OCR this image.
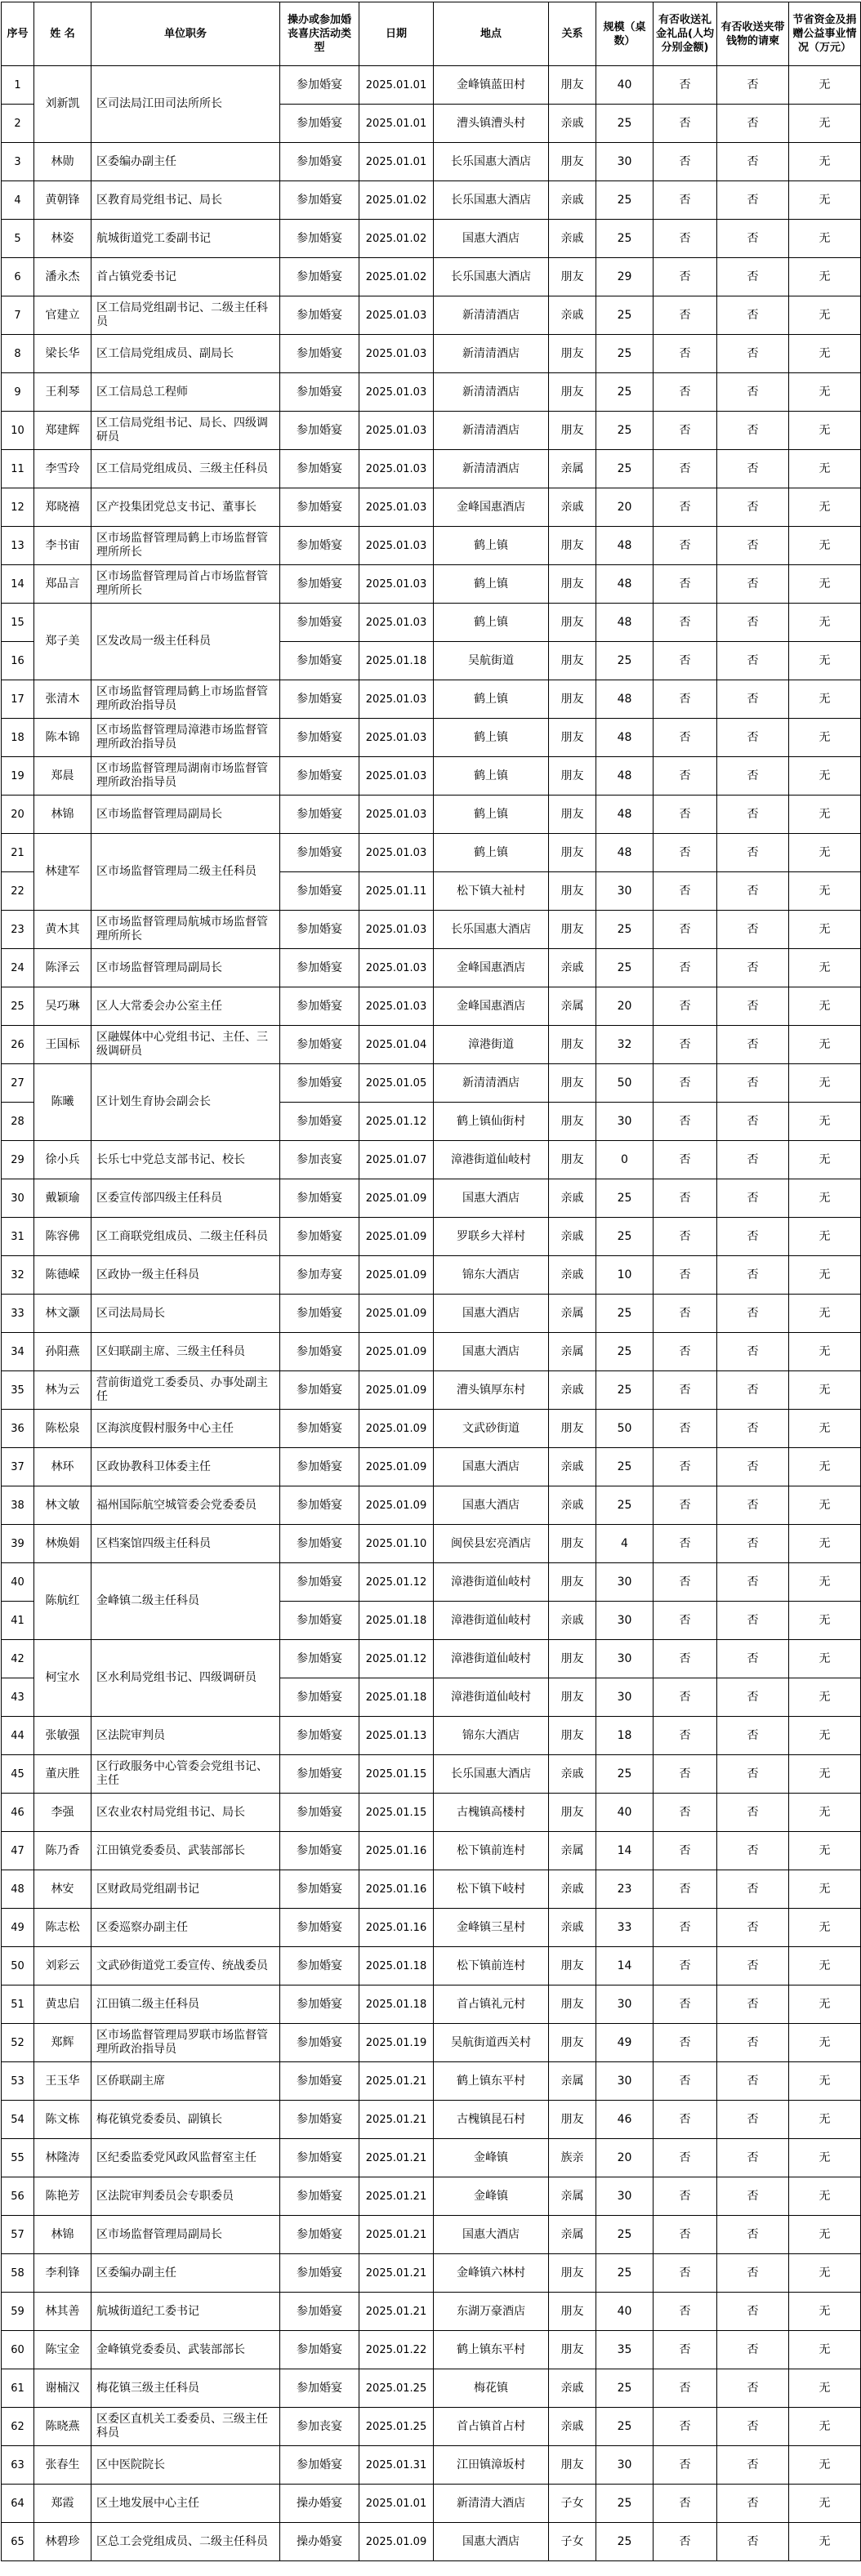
序号	姓 名	单位职务	操办或参加婚丧喜庆活动类型	日期	地点	关系	规模（桌数）	有否收送礼金礼品(人均分别金额)	有否收送夹带钱物的请柬	节省资金及捐赠公益事业情况（万元）
1	刘新凯	区司法局江田司法所所长	参加婚宴	2025.01.01	金峰镇蓝田村	朋友	40	否	否	无
2			参加婚宴	2025.01.01	漕头镇漕头村	亲戚	25	否	否	无
3	林勋	区委编办副主任	参加婚宴	2025.01.01	长乐国惠大酒店	朋友	30	否	否	无
4	黄朝锋	区教育局党组书记、局长	参加婚宴	2025.01.02	长乐国惠大酒店	亲戚	25	否	否	无
5	林姿	航城街道党工委副书记	参加婚宴	2025.01.02	国惠大酒店	亲戚	25	否	否	无
6	潘永杰	首占镇党委书记	参加婚宴	2025.01.02	长乐国惠大酒店	朋友	29	否	否	无
7	官建立	区工信局党组副书记、二级主任科员	参加婚宴	2025.01.03	新清清酒店	亲戚	25	否	否	无
8	梁长华	区工信局党组成员、副局长	参加婚宴	2025.01.03	新清清酒店	朋友	25	否	否	无
9	王利琴	区工信局总工程师	参加婚宴	2025.01.03	新清清酒店	朋友	25	否	否	无
10	郑建辉	区工信局党组书记、局长、四级调研员	参加婚宴	2025.01.03	新清清酒店	朋友	25	否	否	无
11	李雪玲	区工信局党组成员、三级主任科员	参加婚宴	2025.01.03	新清清酒店	亲属	25	否	否	无
12	郑晓禧	区产投集团党总支书记、董事长	参加婚宴	2025.01.03	金峰国惠酒店	亲戚	20	否	否	无
13	李书宙	区市场监督管理局鹤上市场监督管理所所长	参加婚宴	2025.01.03	鹤上镇	朋友	48	否	否	无
14	郑品言	区市场监督管理局首占市场监督管理所所长	参加婚宴	2025.01.03	鹤上镇	朋友	48	否	否	无
15	郑子美	区发改局一级主任科员	参加婚宴	2025.01.03	鹤上镇	朋友	48	否	否	无
16			参加婚宴	2025.01.18	吴航街道	朋友	25	否	否	无
17	张清木	区市场监督管理局鹤上市场监督管理所政治指导员	参加婚宴	2025.01.03	鹤上镇	朋友	48	否	否	无
18	陈本锦	区市场监督管理局漳港市场监督管理所政治指导员	参加婚宴	2025.01.03	鹤上镇	朋友	48	否	否	无
19	郑晨	区市场监督管理局湖南市场监督管理所政治指导员	参加婚宴	2025.01.03	鹤上镇	朋友	48	否	否	无
20	林锦	区市场监督管理局副局长	参加婚宴	2025.01.03	鹤上镇	朋友	48	否	否	无
21	林建军	区市场监督管理局二级主任科员	参加婚宴	2025.01.03	鹤上镇	朋友	48	否	否	无
22			参加婚宴	2025.01.11	松下镇大祉村	朋友	30	否	否	无
23	黄木其	区市场监督管理局航城市场监督管理所所长	参加婚宴	2025.01.03	长乐国惠大酒店	朋友	25	否	否	无
24	陈泽云	区市场监督管理局副局长	参加婚宴	2025.01.03	金峰国惠酒店	亲戚	25	否	否	无
25	吴巧琳	区人大常委会办公室主任	参加婚宴	2025.01.03	金峰国惠酒店	亲属	20	否	否	无
26	王国标	区融媒体中心党组书记、主任、三级调研员	参加婚宴	2025.01.04	漳港街道	朋友	32	否	否	无
27	陈曦	区计划生育协会副会长	参加婚宴	2025.01.05	新清清酒店	朋友	50	否	否	无
28			参加婚宴	2025.01.12	鹤上镇仙街村	朋友	30	否	否	无
29	徐小兵	长乐七中党总支部书记、校长	参加丧宴	2025.01.07	漳港街道仙岐村	朋友	0	否	否	无
30	戴颖瑜	区委宣传部四级主任科员	参加婚宴	2025.01.09	国惠大酒店	亲戚	25	否	否	无
31	陈容佛	区工商联党组成员、二级主任科员	参加婚宴	2025.01.09	罗联乡大祥村	亲戚	25	否	否	无
32	陈德嵘	区政协一级主任科员	参加寿宴	2025.01.09	锦东大酒店	亲戚	10	否	否	无
33	林文灏	区司法局局长	参加婚宴	2025.01.09	国惠大酒店	亲属	25	否	否	无
34	孙阳燕	区妇联副主席、三级主任科员	参加婚宴	2025.01.09	国惠大酒店	亲属	25	否	否	无
35	林为云	营前街道党工委委员、办事处副主任	参加婚宴	2025.01.09	漕头镇厚东村	亲戚	25	否	否	无
36	陈松泉	区海滨度假村服务中心主任	参加婚宴	2025.01.09	文武砂街道	朋友	50	否	否	无
37	林环	区政协教科卫体委主任	参加婚宴	2025.01.09	国惠大酒店	亲戚	25	否	否	无
38	林文敏	福州国际航空城管委会党委委员	参加婚宴	2025.01.09	国惠大酒店	亲戚	25	否	否	无
39	林焕娟	区档案馆四级主任科员	参加婚宴	2025.01.10	闽侯县宏亮酒店	朋友	4	否	否	无
40	陈航红	金峰镇二级主任科员	参加婚宴	2025.01.12	漳港街道仙岐村	朋友	30	否	否	无
41			参加婚宴	2025.01.18	漳港街道仙岐村	亲戚	30	否	否	无
42	柯宝水	区水利局党组书记、四级调研员	参加婚宴	2025.01.12	漳港街道仙岐村	朋友	30	否	否	无
43			参加婚宴	2025.01.18	漳港街道仙岐村	朋友	30	否	否	无
44	张敏强	区法院审判员	参加婚宴	2025.01.13	锦东大酒店	朋友	18	否	否	无
45	董庆胜	区行政服务中心管委会党组书记、主任	参加婚宴	2025.01.15	长乐国惠大酒店	亲戚	25	否	否	无
46	李强	区农业农村局党组书记、局长	参加婚宴	2025.01.15	古槐镇高楼村	朋友	40	否	否	无
47	陈乃香	江田镇党委委员、武装部部长	参加婚宴	2025.01.16	松下镇前连村	亲属	14	否	否	无
48	林安	区财政局党组副书记	参加婚宴	2025.01.16	松下镇下岐村	亲戚	23	否	否	无
49	陈志松	区委巡察办副主任	参加婚宴	2025.01.16	金峰镇三星村	亲戚	33	否	否	无
50	刘彩云	文武砂街道党工委宣传、统战委员	参加婚宴	2025.01.18	松下镇前连村	朋友	14	否	否	无
51	黄忠启	江田镇二级主任科员	参加婚宴	2025.01.18	首占镇礼元村	朋友	30	否	否	无
52	郑辉	区市场监督管理局罗联市场监督管理所政治指导员	参加婚宴	2025.01.19	吴航街道西关村	朋友	49	否	否	无
53	王玉华	区侨联副主席	参加婚宴	2025.01.21	鹤上镇东平村	亲属	30	否	否	无
54	陈文栋	梅花镇党委委员、副镇长	参加婚宴	2025.01.21	古槐镇昆石村	朋友	46	否	否	无
55	林隆涛	区纪委监委党风政风监督室主任	参加婚宴	2025.01.21	金峰镇	族亲	20	否	否	无
56	陈艳芳	区法院审判委员会专职委员	参加婚宴	2025.01.21	金峰镇	亲属	30	否	否	无
57	林锦	区市场监督管理局副局长	参加婚宴	2025.01.21	国惠大酒店	亲属	25	否	否	无
58	李利锋	区委编办副主任	参加婚宴	2025.01.21	金峰镇六林村	朋友	25	否	否	无
59	林其善	航城街道纪工委书记	参加婚宴	2025.01.21	东湖万豪酒店	朋友	40	否	否	无
60	陈宝金	金峰镇党委委员、武装部部长	参加婚宴	2025.01.22	鹤上镇东平村	朋友	35	否	否	无
61	谢楠汉	梅花镇三级主任科员	参加婚宴	2025.01.25	梅花镇	亲戚	25	否	否	无
62	陈晓燕	区委区直机关工委委员、三级主任科员	参加丧宴	2025.01.25	首占镇首占村	亲戚	25	否	否	无
63	张春生	区中医院院长	参加婚宴	2025.01.31	江田镇漳坂村	朋友	30	否	否	无
64	郑霞	区土地发展中心主任	操办婚宴	2025.01.01	新清清大酒店	子女	25	否	否	无
65	林碧珍	区总工会党组成员、二级主任科员	操办婚宴	2025.01.09	国惠大酒店	子女	25	否	否	无
